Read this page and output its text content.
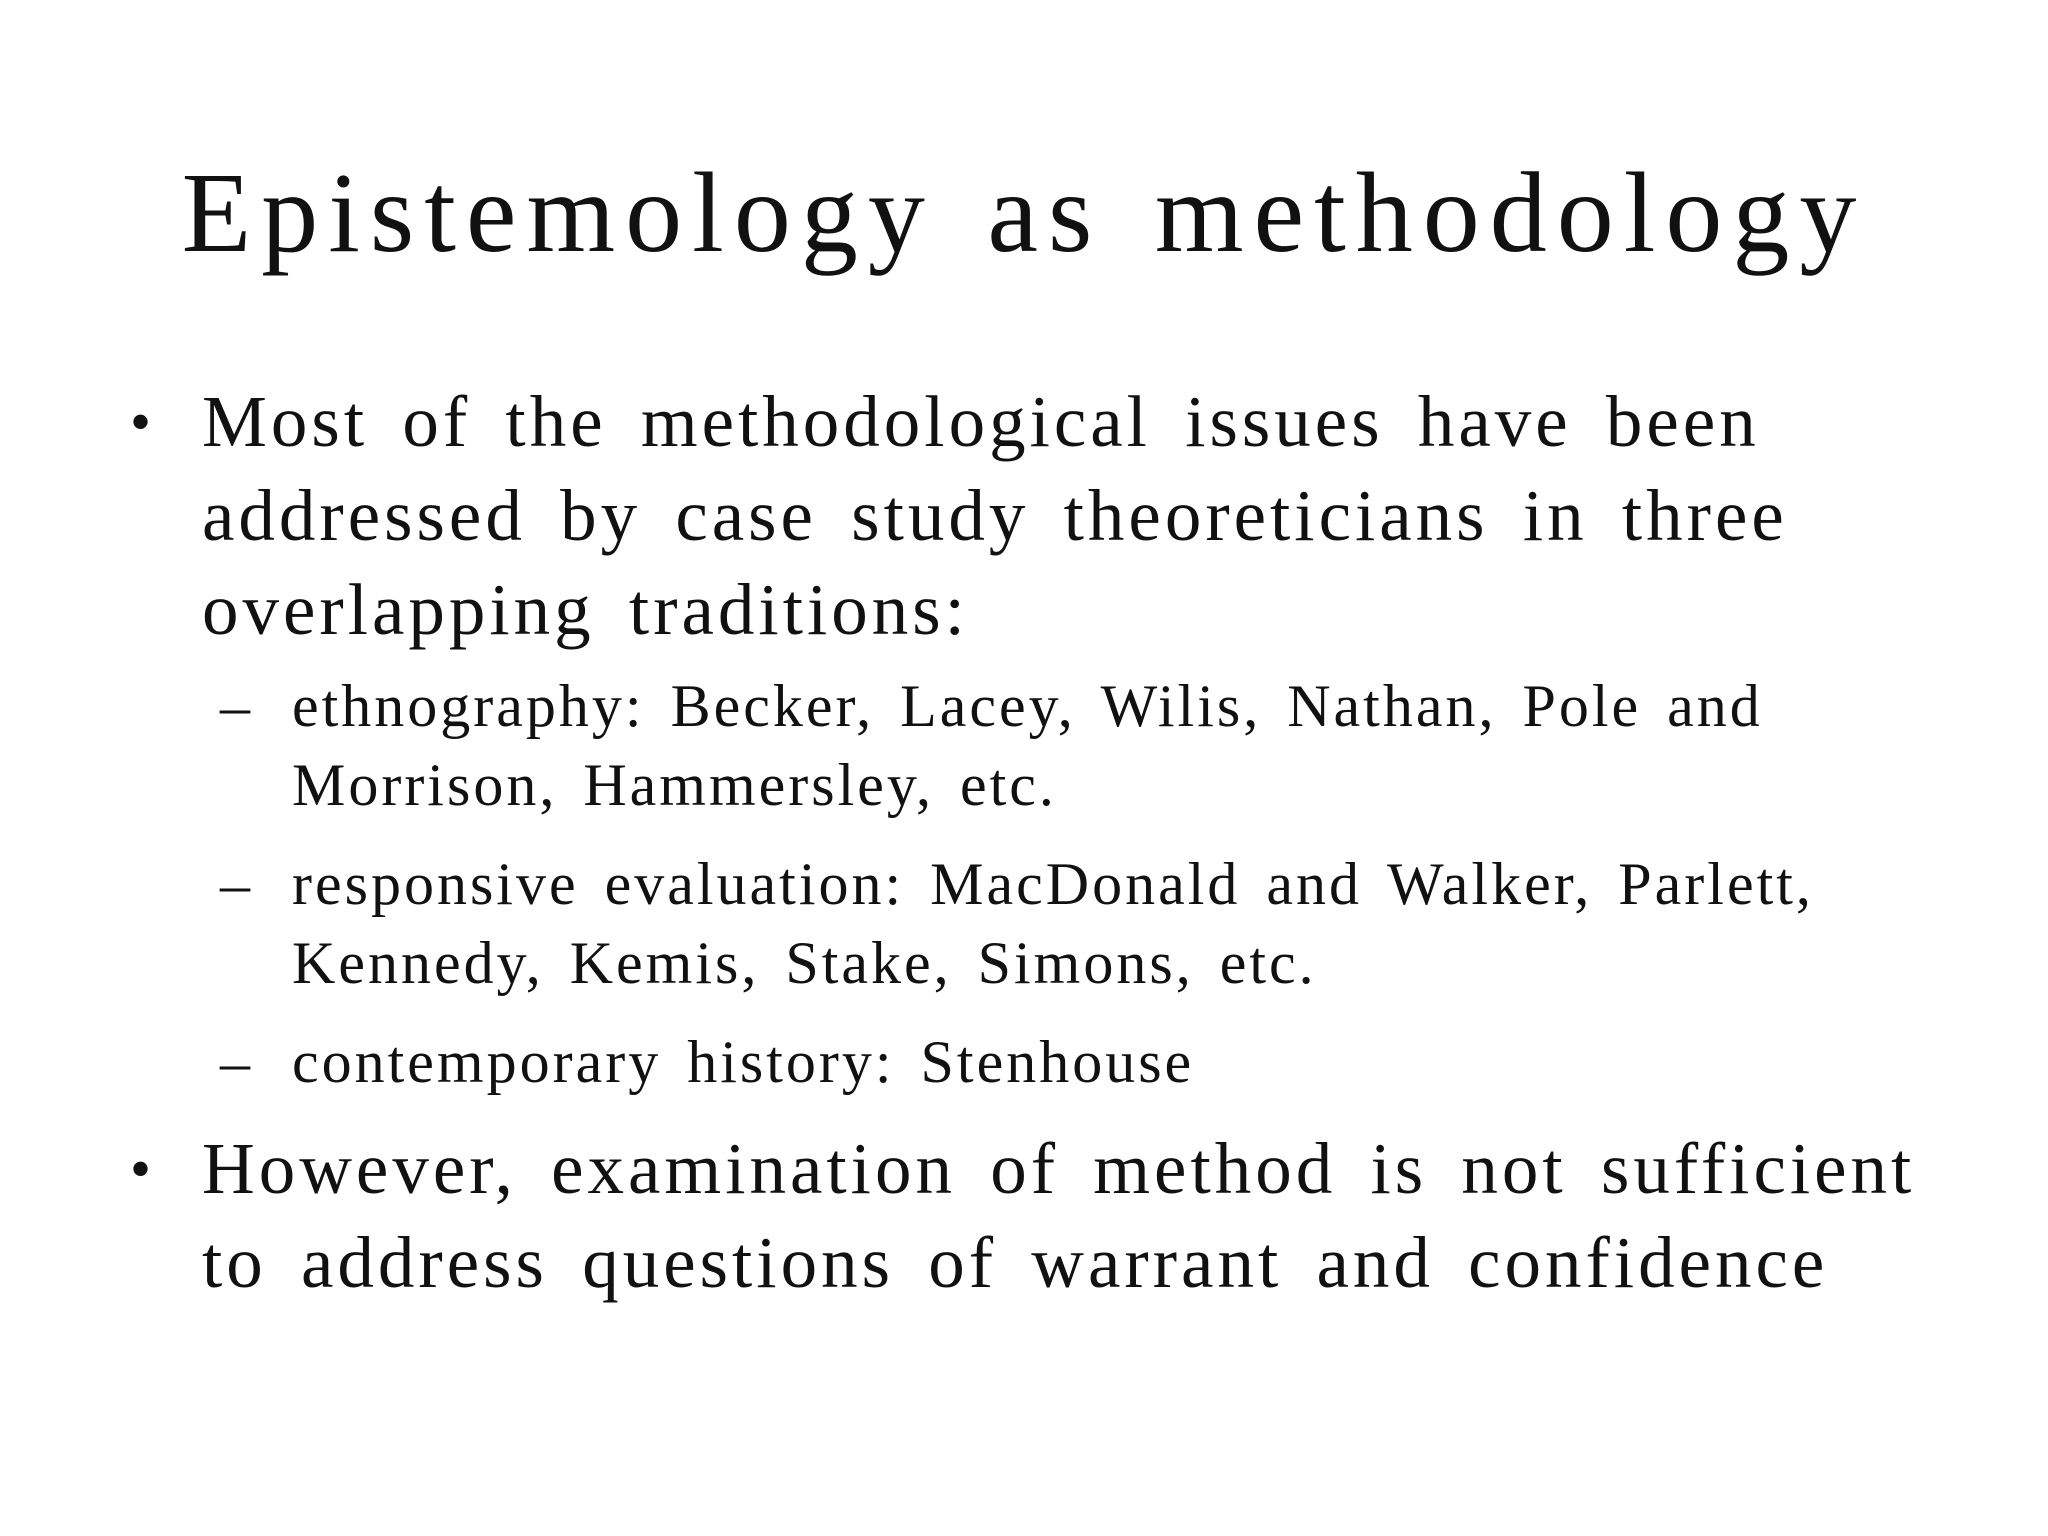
Epistemology as methodology
• Most of the methodological issues have been addressed by case study theoreticians in three overlapping traditions:
– ethnography: Becker, Lacey, Wilis, Nathan, Pole and Morrison, Hammersley, etc.
– responsive evaluation: MacDonald and Walker, Parlett, Kennedy, Kemis, Stake, Simons, etc.
– contemporary history: Stenhouse
• However, examination of method is not sufficient to address questions of warrant and confidence
